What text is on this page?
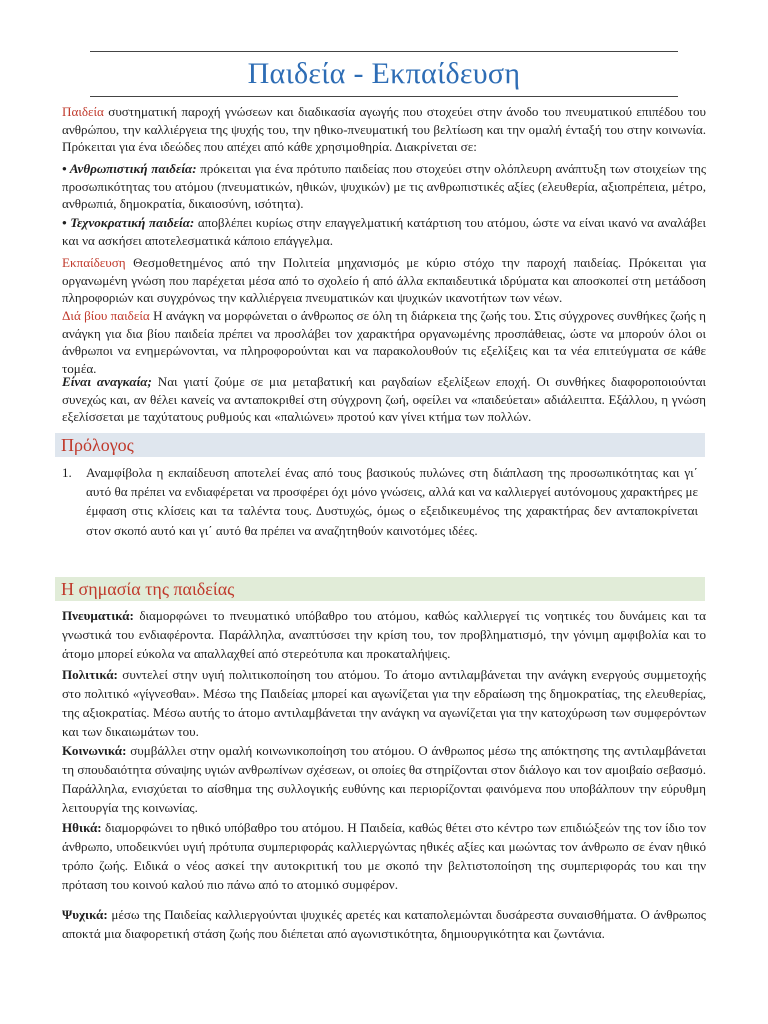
Παιδεία - Εκπαίδευση
Παιδεία συστηματική παροχή γνώσεων και διαδικασία αγωγής που στοχεύει στην άνοδο του πνευματικού επιπέδου του ανθρώπου, την καλλιέργεια της ψυχής του, την ηθικο-πνευματική του βελτίωση και την ομαλή ένταξή του στην κοινωνία. Πρόκειται για ένα ιδεώδες που απέχει από κάθε χρησιμοθηρία. Διακρίνεται σε:
• Ανθρωπιστική παιδεία: πρόκειται για ένα πρότυπο παιδείας που στοχεύει στην ολόπλευρη ανάπτυξη των στοιχείων της προσωπικότητας του ατόμου (πνευματικών, ηθικών, ψυχικών) με τις ανθρωπιστικές αξίες (ελευθερία, αξιοπρέπεια, μέτρο, ανθρωπιά, δημοκρατία, δικαιοσύνη, ισότητα).
• Τεχνοκρατική παιδεία: αποβλέπει κυρίως στην επαγγελματική κατάρτιση του ατόμου, ώστε να είναι ικανό να αναλάβει και να ασκήσει αποτελεσματικά κάποιο επάγγελμα.
Εκπαίδευση Θεσμοθετημένος από την Πολιτεία μηχανισμός με κύριο στόχο την παροχή παιδείας. Πρόκειται για οργανωμένη γνώση που παρέχεται μέσα από το σχολείο ή από άλλα εκπαιδευτικά ιδρύματα και αποσκοπεί στη μετάδοση πληροφοριών και συγχρόνως την καλλιέργεια πνευματικών και ψυχικών ικανοτήτων των νέων.
Διά βίου παιδεία Η ανάγκη να μορφώνεται ο άνθρωπος σε όλη τη διάρκεια της ζωής του. Στις σύγχρονες συνθήκες ζωής η ανάγκη για δια βίου παιδεία πρέπει να προσλάβει τον χαρακτήρα οργανωμένης προσπάθειας, ώστε να μπορούν όλοι οι άνθρωποι να ενημερώνονται, να πληροφορούνται και να παρακολουθούν τις εξελίξεις και τα νέα επιτεύγματα σε κάθε τομέα.
Είναι αναγκαία; Ναι γιατί ζούμε σε μια μεταβατική και ραγδαίων εξελίξεων εποχή. Οι συνθήκες διαφοροποιούνται συνεχώς και, αν θέλει κανείς να ανταποκριθεί στη σύγχρονη ζωή, οφείλει να «παιδεύεται» αδιάλειπτα. Εξάλλου, η γνώση εξελίσσεται με ταχύτατους ρυθμούς και «παλιώνει» προτού καν γίνει κτήμα των πολλών.
Πρόλογος
1. Αναμφίβολα η εκπαίδευση αποτελεί ένας από τους βασικούς πυλώνες στη διάπλαση της προσωπικότητας και γι΄ αυτό θα πρέπει να ενδιαφέρεται να προσφέρει όχι μόνο γνώσεις, αλλά και να καλλιεργεί αυτόνομους χαρακτήρες με έμφαση στις κλίσεις και τα ταλέντα τους. Δυστυχώς, όμως ο εξειδικευμένος της χαρακτήρας δεν ανταποκρίνεται στον σκοπό αυτό και γι΄ αυτό θα πρέπει να αναζητηθούν καινοτόμες ιδέες.
Η σημασία της παιδείας
Πνευματικά: διαμορφώνει το πνευματικό υπόβαθρο του ατόμου, καθώς καλλιεργεί τις νοητικές του δυνάμεις και τα γνωστικά του ενδιαφέροντα. Παράλληλα, αναπτύσσει την κρίση του, τον προβληματισμό, την γόνιμη αμφιβολία και το άτομο μπορεί εύκολα να απαλλαχθεί από στερεότυπα και προκαταλήψεις.
Πολιτικά: συντελεί στην υγιή πολιτικοποίηση του ατόμου. Το άτομο αντιλαμβάνεται την ανάγκη ενεργούς συμμετοχής στο πολιτικό «γίγνεσθαι». Μέσω της Παιδείας μπορεί και αγωνίζεται για την εδραίωση της δημοκρατίας, της ελευθερίας, της αξιοκρατίας. Μέσω αυτής το άτομο αντιλαμβάνεται την ανάγκη να αγωνίζεται για την κατοχύρωση των συμφερόντων και των δικαιωμάτων του.
Κοινωνικά: συμβάλλει στην ομαλή κοινωνικοποίηση του ατόμου. Ο άνθρωπος μέσω της απόκτησης της αντιλαμβάνεται τη σπουδαιότητα σύναψης υγιών ανθρωπίνων σχέσεων, οι οποίες θα στηρίζονται στον διάλογο και τον αμοιβαίο σεβασμό. Παράλληλα, ενισχύεται το αίσθημα της συλλογικής ευθύνης και περιορίζονται φαινόμενα που υποβάλπουν την εύρυθμη λειτουργία της κοινωνίας.
Ηθικά: διαμορφώνει το ηθικό υπόβαθρο του ατόμου. Η Παιδεία, καθώς θέτει στο κέντρο των επιδιώξεών της τον ίδιο τον άνθρωπο, υποδεικνύει υγιή πρότυπα συμπεριφοράς καλλιεργώντας ηθικές αξίες και μωώντας τον άνθρωπο σε έναν ηθικό τρόπο ζωής. Ειδικά ο νέος ασκεί την αυτοκριτική του με σκοπό την βελτιστοποίηση της συμπεριφοράς του και την πρόταση του κοινού καλού πιο πάνω από το ατομικό συμφέρον.
Ψυχικά: μέσω της Παιδείας καλλιεργούνται ψυχικές αρετές και καταπολεμώνται δυσάρεστα συναισθήματα. Ο άνθρωπος αποκτά μια διαφορετική στάση ζωής που διέπεται από αγωνιστικότητα, δημιουργικότητα και ζωντάνια.
